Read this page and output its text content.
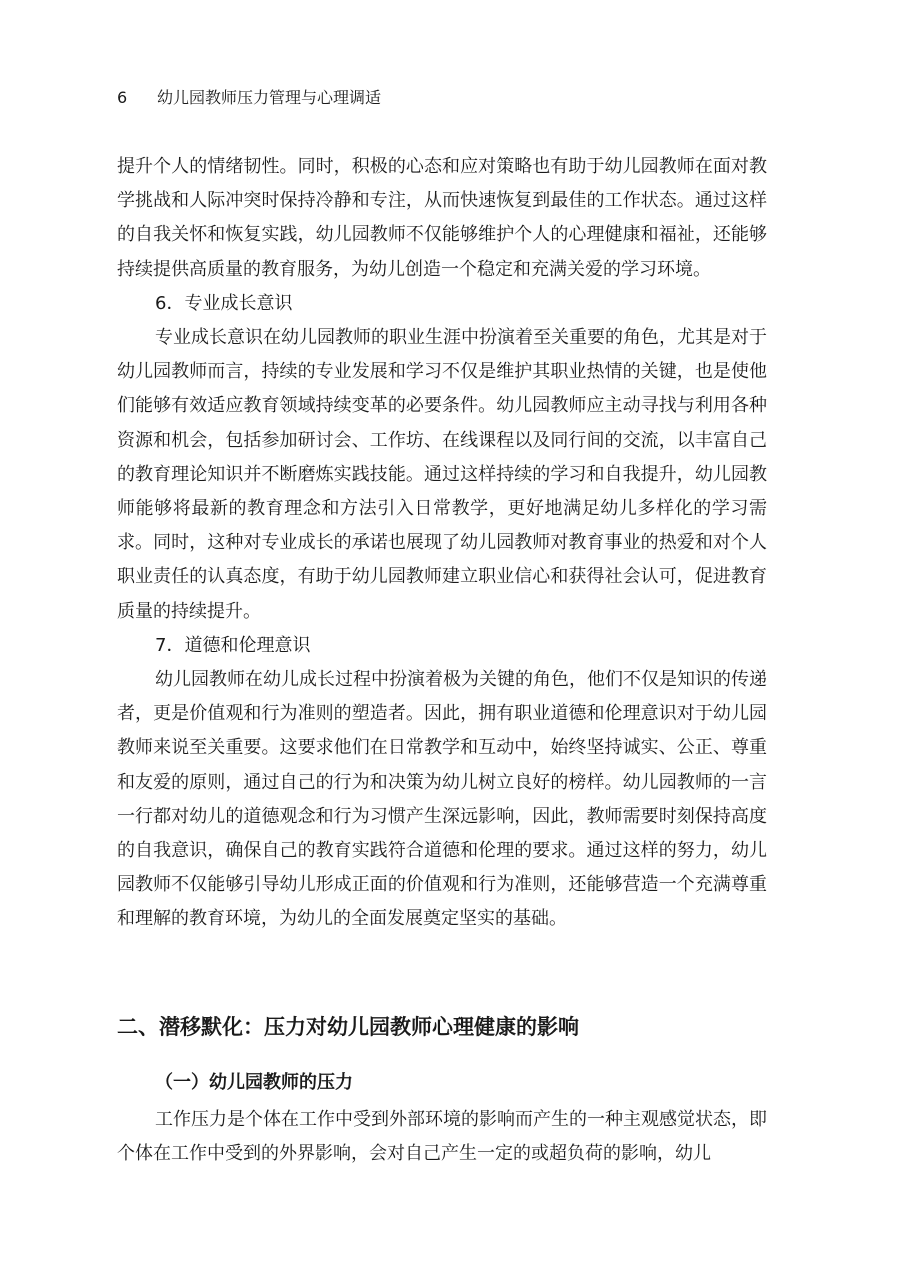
6 幼儿园教师压力管理与心理调适

提升个人的情绪韧性。同时，积极的心态和应对策略也有助于幼儿园教师在面对教学挑战和人际冲突时保持冷静和专注，从而快速恢复到最佳的工作状态。通过这样的自我关怀和恢复实践，幼儿园教师不仅能够维护个人的心理健康和福祉，还能够持续提供高质量的教育服务，为幼儿创造一个稳定和充满关爱的学习环境。

6．专业成长意识

专业成长意识在幼儿园教师的职业生涯中扮演着至关重要的角色，尤其是对于幼儿园教师而言，持续的专业发展和学习不仅是维护其职业热情的关键，也是使他们能够有效适应教育领域持续变革的必要条件。幼儿园教师应主动寻找与利用各种资源和机会，包括参加研讨会、工作坊、在线课程以及同行间的交流，以丰富自己的教育理论知识并不断磨炼实践技能。通过这样持续的学习和自我提升，幼儿园教师能够将最新的教育理念和方法引入日常教学，更好地满足幼儿多样化的学习需求。同时，这种对专业成长的承诺也展现了幼儿园教师对教育事业的热爱和对个人职业责任的认真态度，有助于幼儿园教师建立职业信心和获得社会认可，促进教育质量的持续提升。

7．道德和伦理意识

幼儿园教师在幼儿成长过程中扮演着极为关键的角色，他们不仅是知识的传递者，更是价值观和行为准则的塑造者。因此，拥有职业道德和伦理意识对于幼儿园教师来说至关重要。这要求他们在日常教学和互动中，始终坚持诚实、公正、尊重和友爱的原则，通过自己的行为和决策为幼儿树立良好的榜样。幼儿园教师的一言一行都对幼儿的道德观念和行为习惯产生深远影响，因此，教师需要时刻保持高度的自我意识，确保自己的教育实践符合道德和伦理的要求。通过这样的努力，幼儿园教师不仅能够引导幼儿形成正面的价值观和行为准则，还能够营造一个充满尊重和理解的教育环境，为幼儿的全面发展奠定坚实的基础。

二、潜移默化：压力对幼儿园教师心理健康的影响
（一）幼儿园教师的压力

工作压力是个体在工作中受到外部环境的影响而产生的一种主观感觉状态，即个体在工作中受到的外界影响，会对自己产生一定的或超负荷的影响，幼儿
